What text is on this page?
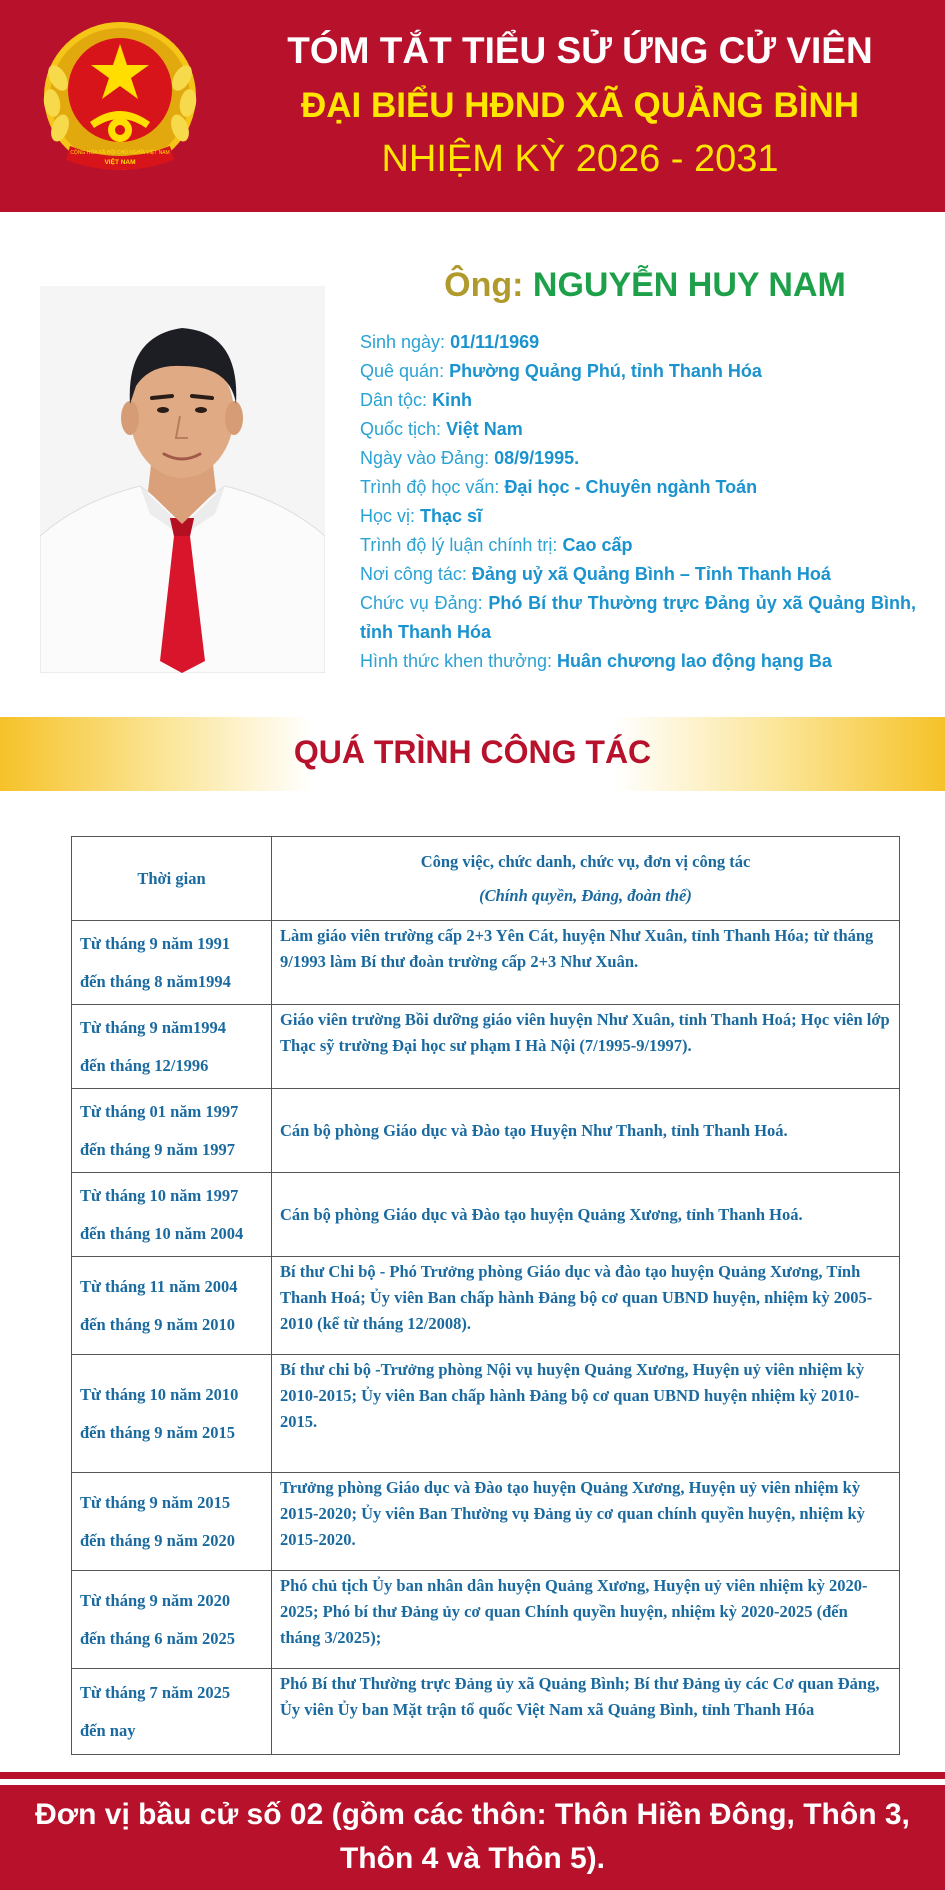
CỘNG HÒA XÃ HỘI CHỦ NGHĨA VIỆT NAM
VIỆT NAM
TÓM TẮT TIỂU SỬ ỨNG CỬ VIÊN
ĐẠI BIỂU HĐND XÃ QUẢNG BÌNH
NHIỆM KỲ 2026 - 2031
Ông: NGUYỄN HUY NAM
Sinh ngày: 01/11/1969
Quê quán: Phường Quảng Phú, tỉnh Thanh Hóa
Dân tộc: Kinh
Quốc tịch: Việt Nam
Ngày vào Đảng: 08/9/1995.
Trình độ học vấn: Đại học - Chuyên ngành Toán
Học vị: Thạc sĩ
Trình độ lý luận chính trị: Cao cấp
Nơi công tác: Đảng uỷ xã Quảng Bình – Tỉnh Thanh Hoá
Chức vụ Đảng: Phó Bí thư Thường trực Đảng ủy xã Quảng Bình, tỉnh Thanh Hóa
Hình thức khen thưởng: Huân chương lao động hạng Ba
QUÁ TRÌNH CÔNG TÁC
Thời gian	Công việc, chức danh, chức vụ, đơn vị công tác
(Chính quyền, Đảng, đoàn thể)

Từ tháng 9 năm 1991
đến tháng 8 năm1994	Làm giáo viên trường cấp 2+3 Yên Cát, huyện Như Xuân, tỉnh Thanh Hóa; từ tháng 9/1993 làm Bí thư đoàn trường cấp 2+3 Như Xuân.

Từ tháng 9 năm1994
đến tháng 12/1996	Giáo viên trường Bồi dưỡng giáo viên huyện Như Xuân, tỉnh Thanh Hoá; Học viên lớp Thạc sỹ trường Đại học sư phạm I Hà Nội (7/1995-9/1997).

Từ tháng 01 năm 1997
đến tháng 9 năm 1997	Cán bộ phòng Giáo dục và Đào tạo Huyện Như Thanh, tỉnh Thanh Hoá.

Từ tháng 10 năm 1997
đến tháng 10 năm 2004	Cán bộ phòng Giáo dục và Đào tạo huyện Quảng Xương, tỉnh Thanh Hoá.

Từ tháng 11 năm 2004
đến tháng 9 năm 2010	Bí thư Chi bộ - Phó Trưởng phòng Giáo dục và đào tạo huyện Quảng Xương, Tỉnh Thanh Hoá; Ủy viên Ban chấp hành Đảng bộ cơ quan UBND huyện, nhiệm kỳ 2005-2010 (kể từ tháng 12/2008).

Từ tháng 10 năm 2010
đến tháng 9 năm 2015	Bí thư chi bộ -Trưởng phòng Nội vụ huyện Quảng Xương, Huyện uỷ viên nhiệm kỳ 2010-2015; Ủy viên Ban chấp hành Đảng bộ cơ quan UBND huyện nhiệm kỳ 2010-2015.

Từ tháng 9 năm 2015
đến tháng 9 năm 2020	Trưởng phòng Giáo dục và Đào tạo huyện Quảng Xương, Huyện uỷ viên nhiệm kỳ 2015-2020; Ủy viên Ban Thường vụ Đảng ủy cơ quan chính quyền huyện, nhiệm kỳ 2015-2020.

Từ tháng 9 năm 2020
đến tháng 6 năm 2025	Phó chủ tịch Ủy ban nhân dân huyện Quảng Xương, Huyện uỷ viên nhiệm kỳ 2020-2025; Phó bí thư Đảng ủy cơ quan Chính quyền huyện, nhiệm kỳ 2020-2025 (đến tháng 3/2025);

Từ tháng 7 năm 2025
đến nay	Phó Bí thư Thường trực Đảng ủy xã Quảng Bình; Bí thư Đảng ủy các Cơ quan Đảng, Ủy viên Ủy ban Mặt trận tổ quốc Việt Nam xã Quảng Bình, tỉnh Thanh Hóa
Đơn vị bầu cử số 02 (gồm các thôn: Thôn Hiền Đông, Thôn 3, Thôn 4 và Thôn 5).
